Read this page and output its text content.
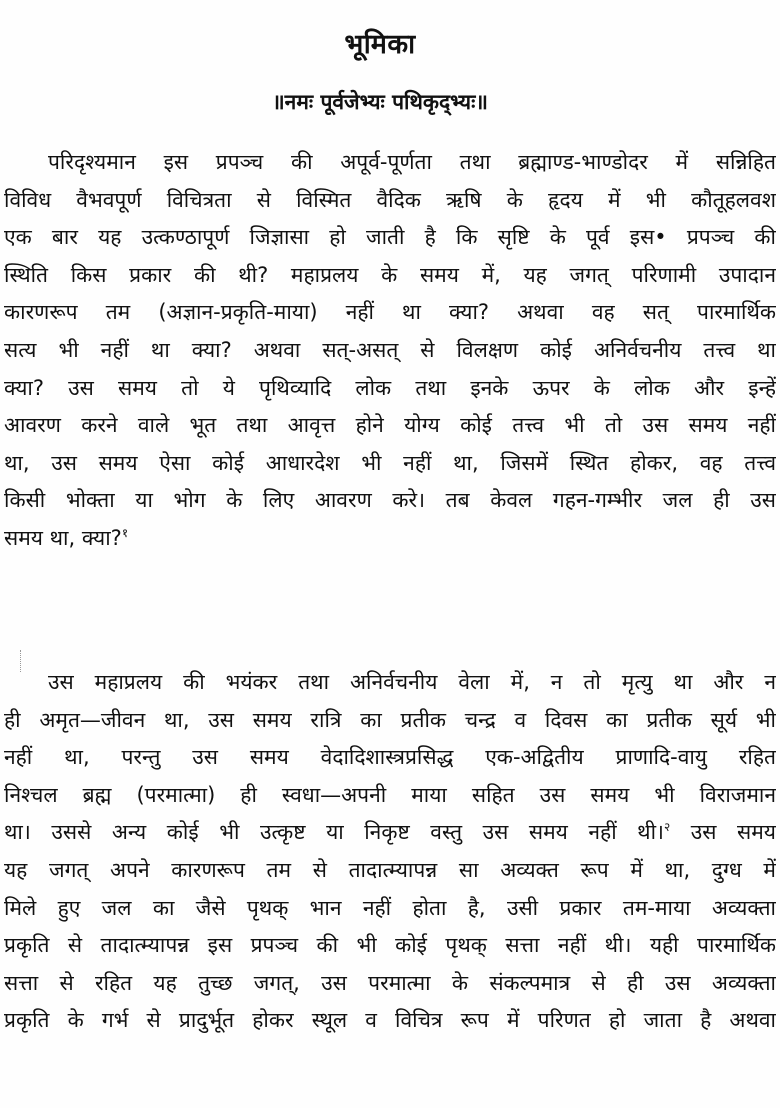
भूमिका
॥नमः पूर्वजेभ्यः पथिकृद्भ्यः॥
परिदृश्यमान इस प्रपञ्च की अपूर्व-पूर्णता तथा ब्रह्माण्ड-भाण्डोदर में सन्निहित
विविध वैभवपूर्ण विचित्रता से विस्मित वैदिक ऋषि के हृदय में भी कौतूहलवश
एक बार यह उत्कण्ठापूर्ण जिज्ञासा हो जाती है कि सृष्टि के पूर्व इस• प्रपञ्च की
स्थिति किस प्रकार की थी? महाप्रलय के समय में, यह जगत् परिणामी उपादान
कारणरूप तम (अज्ञान-प्रकृति-माया) नहीं था क्या? अथवा वह सत् पारमार्थिक
सत्य भी नहीं था क्या? अथवा सत्-असत् से विलक्षण कोई अनिर्वचनीय तत्त्व था
क्या? उस समय तो ये पृथिव्यादि लोक तथा इनके ऊपर के लोक और इन्हें
आवरण करने वाले भूत तथा आवृत्त होने योग्य कोई तत्त्व भी तो उस समय नहीं
था, उस समय ऐसा कोई आधारदेश भी नहीं था, जिसमें स्थित होकर, वह तत्त्व
किसी भोक्ता या भोग के लिए आवरण करे। तब केवल गहन-गम्भीर जल ही उस
समय था, क्या?$^१$
उस महाप्रलय की भयंकर तथा अनिर्वचनीय वेला में, न तो मृत्यु था और न
ही अमृत—जीवन था, उस समय रात्रि का प्रतीक चन्द्र व दिवस का प्रतीक सूर्य भी
नहीं था, परन्तु उस समय वेदादिशास्त्रप्रसिद्ध एक-अद्वितीय प्राणादि-वायु रहित
निश्चल ब्रह्म (परमात्मा) ही स्वधा—अपनी माया सहित उस समय भी विराजमान
था। उससे अन्य कोई भी उत्कृष्ट या निकृष्ट वस्तु उस समय नहीं थी।$^२$ उस समय
यह जगत् अपने कारणरूप तम से तादात्म्यापन्न सा अव्यक्त रूप में था, दुग्ध में
मिले हुए जल का जैसे पृथक् भान नहीं होता है, उसी प्रकार तम-माया अव्यक्ता
प्रकृति से तादात्म्यापन्न इस प्रपञ्च की भी कोई पृथक् सत्ता नहीं थी। यही पारमार्थिक
सत्ता से रहित यह तुच्छ जगत्, उस परमात्मा के संकल्पमात्र से ही उस अव्यक्ता
प्रकृति के गर्भ से प्रादुर्भूत होकर स्थूल व विचित्र रूप में परिणत हो जाता है अथवा
